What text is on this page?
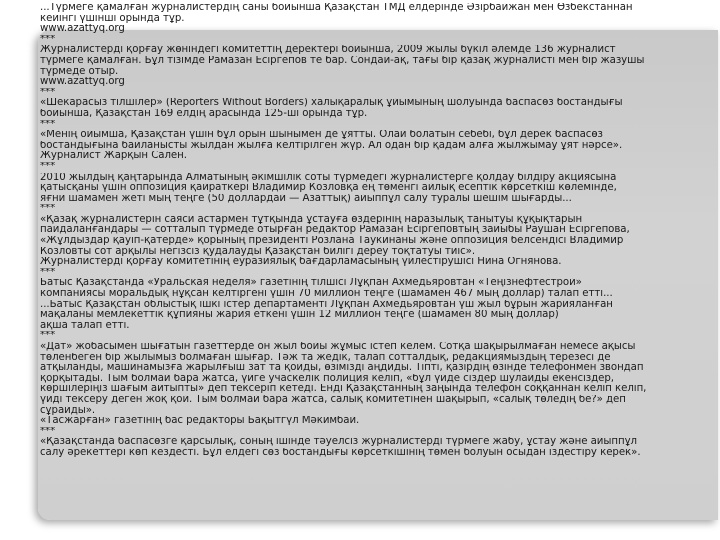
...Түрмеге қамалған журналистердің саны бойынша Қазақстан ТМД елдерінде Әзірбайжан мен Өзбекстаннан
кейінгі үшінші орында тұр.
www.azattyq.org
***
Журналистерді қорғау жөніндегі комитеттің деректері бойынша, 2009 жылы бүкіл әлемде 136 журналист
түрмеге қамалған. Бұл тізімде Рамазан Есіргепов те бар. Сондай-ақ, тағы бір қазақ журналисті мен бір жазушы
түрмеде отыр.
www.azattyq.org
***
«Шекарасыз тілшілер» (Reporters Without Borders) халықаралық ұйымының шолуында баспасөз бостандығы
бойынша, Қазақстан 169 елдің арасында 125-ші орында тұр.
***
«Менің ойымша, Қазақстан үшін бұл орын шынымен де ұятты. Олай болатын себебі, бұл дерек баспасөз
бостандығына байланысты жылдан жылға келтірілген жүр. Ал одан бір қадам алға жылжымау ұят нәрсе».
Журналист Жарқын Сален.
***
2010 жылдың қаңтарында Алматының әкімшілік соты түрмедегі журналистерге қолдау білдіру акциясына
қатысқаны үшін оппозиция қайраткері Владимир Козловқа ең төменгі айлық есептік көрсеткіш көлемінде,
яғни шамамен жеті мың теңге (50 доллардай — Азаттық) айыппұл салу туралы шешім шығарды...
***
«Қазақ журналистерін саяси астармен тұтқында ұстауға өздерінің наразылық танытуы құқықтарын
пайдаланғандары — сотталып түрмеде отырған редактор Рамазан Есіргеповтың зайыбы Раушан Есіргепова,
«Жұлдыздар қауіп-қатерде» қорының президенті Розлана Таукинаны және оппозиция белсендісі Владимир
Козловты сот арқылы негізсіз қудалауды Қазақстан билігі дереу тоқтатуы тиіс».
Журналистерді қорғау комитетінің еуразиялық бағдарламасының үйлестірушісі Нина Огнянова.
***
Батыс Қазақстанда «Уральская неделя» газетінің тілшісі Лұқпан Ахмедьяровтан «Теңізнефтестрой»
компаниясы моральдық нұқсан келтіргені үшін 70 миллион теңге (шамамен 467 мың доллар) талап етті...
...Батыс Қазақстан облыстық ішкі істер департаменті Лұқпан Ахмедьяровтан үш жыл бұрын жарияланған
мақаланы мемлекеттік құпияны жария еткені үшін 12 миллион теңге (шамамен 80 мың доллар)
ақша талап етті.
***
«Дат» жобасымен шығатын газеттерде он жыл бойы жұмыс істеп келем. Сотқа шақырылмаған немесе ақысы
төленбеген бір жылымыз болмаған шығар. Тәж та жедік, талап сотталдық, редакциямыздың терезесі де
атқыланды, машинамызға жарылғыш зат та қойды, өзімізді аңдиды. Тіпті, қазірдің өзінде телефонмен звондап
қорқытады. Тым болмай бара жатса, үйге учаскелік полиция келіп, «бұл үйде сіздер шулайды екенсіздер,
көршілеріңіз шағым айтыпты» деп тексеріп кетеді. Енді Қазақстанның заңында телефон соққаннан келіп келіп,
үйді тексеру деген жоқ қой. Тым болмай бара жатса, салық комитетінен шақырып, «салық төледің бе?» деп
сұрайды».
«Тасжарған» газетінің бас редакторы Бақытгүл Мәкимбай.
***
«Қазақстанда баспасөзге қарсылық, соның ішінде тәуелсіз журналистерді түрмеге жабу, ұстау және айыппұл
салу әрекеттері көп кездесті. Бұл елдегі сөз бостандығы көрсеткішінің төмен болуын осыдан іздестіру керек».
